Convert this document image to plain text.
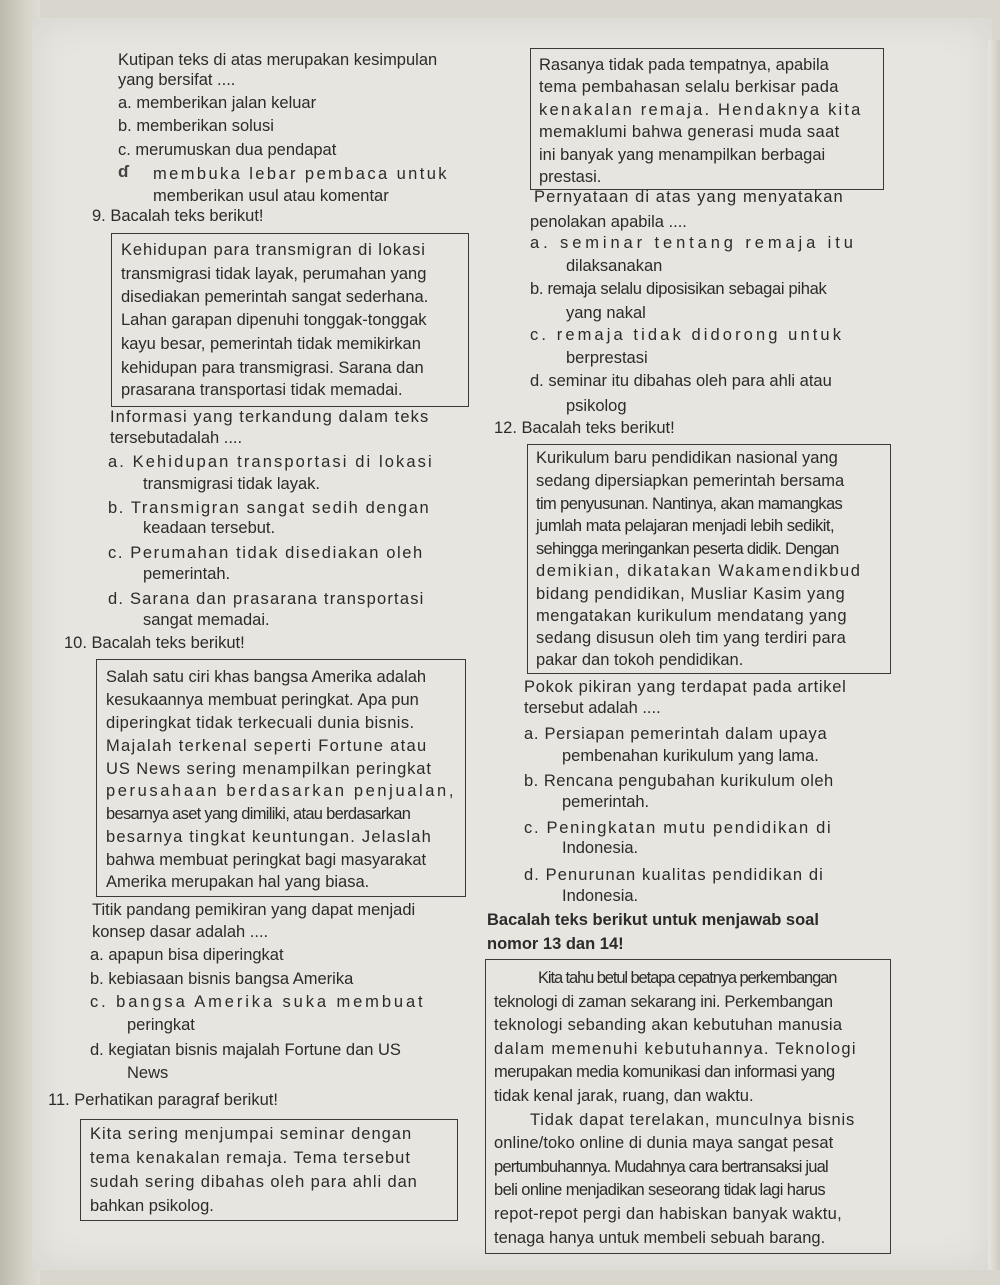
Kutipan teks di atas merupakan kesimpulan
yang bersifat ....
a. memberikan jalan keluar
b. memberikan solusi
c. merumuskan dua pendapat
ɗ membuka lebar pembaca untuk
memberikan usul atau komentar
9. Bacalah teks berikut!
Kehidupan para transmigran di lokasi
transmigrasi tidak layak, perumahan yang
disediakan pemerintah sangat sederhana.
Lahan garapan dipenuhi tonggak-tonggak
kayu besar, pemerintah tidak memikirkan
kehidupan para transmigrasi. Sarana dan
prasarana transportasi tidak memadai.
Informasi yang terkandung dalam teks
tersebutadalah ....
a. Kehidupan transportasi di lokasi
transmigrasi tidak layak.
b. Transmigran sangat sedih dengan
keadaan tersebut.
c. Perumahan tidak disediakan oleh
pemerintah.
d. Sarana dan prasarana transportasi
sangat memadai.
10. Bacalah teks berikut!
Salah satu ciri khas bangsa Amerika adalah
kesukaannya membuat peringkat. Apa pun
diperingkat tidak terkecuali dunia bisnis.
Majalah terkenal seperti Fortune atau
US News sering menampilkan peringkat
perusahaan berdasarkan penjualan,
besarnya aset yang dimiliki, atau berdasarkan
besarnya tingkat keuntungan. Jelaslah
bahwa membuat peringkat bagi masyarakat
Amerika merupakan hal yang biasa.
Titik pandang pemikiran yang dapat menjadi
konsep dasar adalah ....
a. apapun bisa diperingkat
b. kebiasaan bisnis bangsa Amerika
c. bangsa Amerika suka membuat
peringkat
d. kegiatan bisnis majalah Fortune dan US
News
11. Perhatikan paragraf berikut!
Kita sering menjumpai seminar dengan
tema kenakalan remaja. Tema tersebut
sudah sering dibahas oleh para ahli dan
bahkan psikolog.
Rasanya tidak pada tempatnya, apabila
tema pembahasan selalu berkisar pada
kenakalan remaja. Hendaknya kita
memaklumi bahwa generasi muda saat
ini banyak yang menampilkan berbagai
prestasi.
Pernyataan di atas yang menyatakan
penolakan apabila ....
a. seminar tentang remaja itu
dilaksanakan
b. remaja selalu diposisikan sebagai pihak
yang nakal
c. remaja tidak didorong untuk
berprestasi
d. seminar itu dibahas oleh para ahli atau
psikolog
12. Bacalah teks berikut!
Kurikulum baru pendidikan nasional yang
sedang dipersiapkan pemerintah bersama
tim penyusunan. Nantinya, akan mamangkas
jumlah mata pelajaran menjadi lebih sedikit,
sehingga meringankan peserta didik. Dengan
demikian, dikatakan Wakamendikbud
bidang pendidikan, Musliar Kasim yang
mengatakan kurikulum mendatang yang
sedang disusun oleh tim yang terdiri para
pakar dan tokoh pendidikan.
Pokok pikiran yang terdapat pada artikel
tersebut adalah ....
a. Persiapan pemerintah dalam upaya
pembenahan kurikulum yang lama.
b. Rencana pengubahan kurikulum oleh
pemerintah.
c. Peningkatan mutu pendidikan di
Indonesia.
d. Penurunan kualitas pendidikan di
Indonesia.
Bacalah teks berikut untuk menjawab soal
nomor 13 dan 14!
Kita tahu betul betapa cepatnya perkembangan
teknologi di zaman sekarang ini. Perkembangan
teknologi sebanding akan kebutuhan manusia
dalam memenuhi kebutuhannya. Teknologi
merupakan media komunikasi dan informasi yang
tidak kenal jarak, ruang, dan waktu.
Tidak dapat terelakan, munculnya bisnis
online/toko online di dunia maya sangat pesat
pertumbuhannya. Mudahnya cara bertransaksi jual
beli online menjadikan seseorang tidak lagi harus
repot-repot pergi dan habiskan banyak waktu,
tenaga hanya untuk membeli sebuah barang.
